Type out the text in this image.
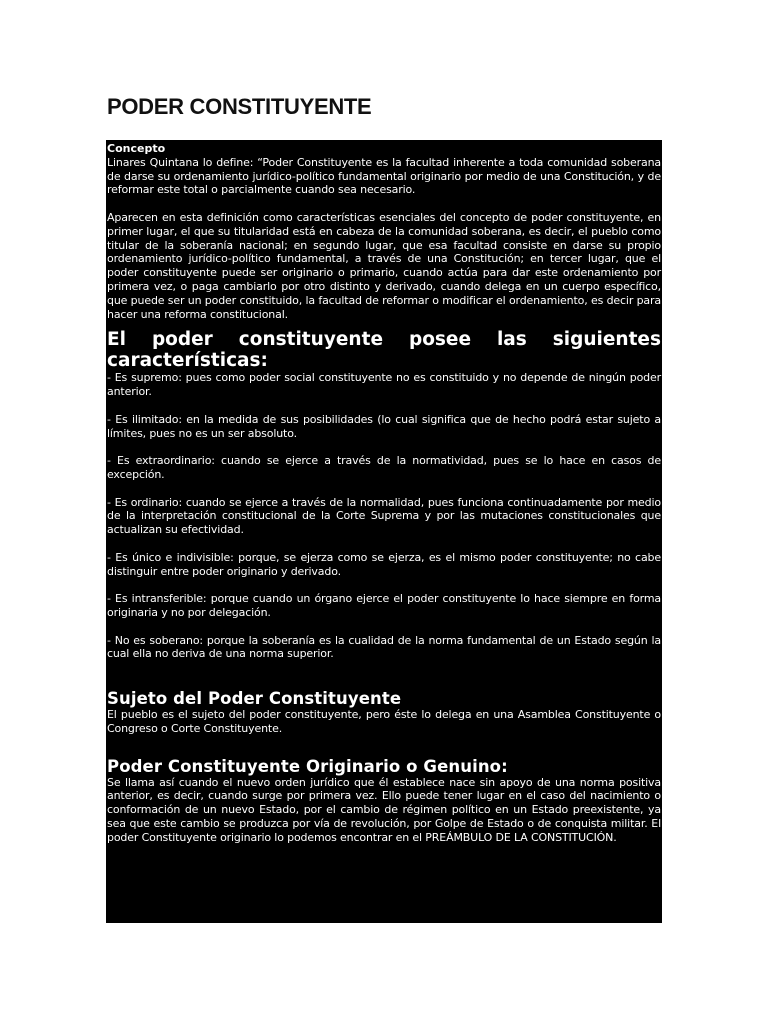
PODER CONSTITUYENTE
Concepto

Linares Quintana lo define: “Poder Constituyente es la facultad inherente a toda comunidad soberana de darse su ordenamiento jurídico-político fundamental originario por medio de una Constitución, y de reformar este total o parcialmente cuando sea necesario.

Aparecen en esta definición como características esenciales del concepto de poder constituyente, en primer lugar, el que su titularidad está en cabeza de la comunidad soberana, es decir, el pueblo como titular de la soberanía nacional; en segundo lugar, que esa facultad consiste en darse su propio ordenamiento jurídico-político fundamental, a través de una Constitución; en tercer lugar, que el poder constituyente puede ser originario o primario, cuando actúa para dar este ordenamiento por primera vez, o paga cambiarlo por otro distinto y derivado, cuando delega en un cuerpo específico, que puede ser un poder constituido, la facultad de reformar o modificar el ordenamiento, es decir para hacer una reforma constitucional.

El poder constituyente posee las siguientes
características:

- Es supremo: pues como poder social constituyente no es constituido y no depende de ningún poder anterior.

- Es ilimitado: en la medida de sus posibilidades (lo cual significa que de hecho podrá estar sujeto a límites, pues no es un ser absoluto.

- Es extraordinario: cuando se ejerce a través de la normatividad, pues se lo hace en casos de excepción.

- Es ordinario: cuando se ejerce a través de la normalidad, pues funciona continuadamente por medio de la interpretación constitucional de la Corte Suprema y por las mutaciones constitucionales que actualizan su efectividad.

- Es único e indivisible: porque, se ejerza como se ejerza, es el mismo poder constituyente; no cabe distinguir entre poder originario y derivado.

- Es intransferible: porque cuando un órgano ejerce el poder constituyente lo hace siempre en forma originaria y no por delegación.

- No es soberano: porque la soberanía es la cualidad de la norma fundamental de un Estado según la cual ella no deriva de una norma superior.

Sujeto del Poder Constituyente

El pueblo es el sujeto del poder constituyente, pero éste lo delega en una Asamblea Constituyente o Congreso o Corte Constituyente.

Poder Constituyente Originario o Genuino:

Se llama así cuando el nuevo orden jurídico que él establece nace sin apoyo de una norma positiva anterior, es decir, cuando surge por primera vez. Ello puede tener lugar en el caso del nacimiento o conformación de un nuevo Estado, por el cambio de régimen político en un Estado preexistente, ya sea que este cambio se produzca por vía de revolución, por Golpe de Estado o de conquista militar. El poder Constituyente originario lo podemos encontrar en el PREÁMBULO DE LA CONSTITUCIÓN.
